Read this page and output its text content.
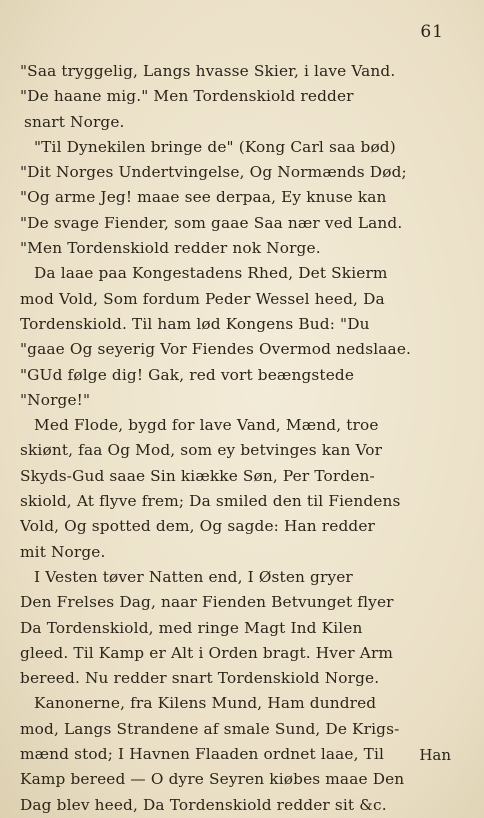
61
"Saa tryggelig, Langs hvasse Skier, i lave Vand.
"De haane mig." Men Tordenskiold redder
snart Norge.
"Til Dynekilen bringe de" (Kong Carl saa bød)
"Dit Norges Undertvingelse, Og Normænds Død;
"Og arme Jeg! maae see derpaa, Ey knuse kan
"De svage Fiender, som gaae Saa nær ved Land.
"Men Tordenskiold redder nok Norge.
Da laae paa Kongestadens Rhed, Det Skierm
mod Vold, Som fordum Peder Wessel heed, Da
Tordenskiold. Til ham lød Kongens Bud: "Du
"gaae Og seyerig Vor Fiendes Overmod nedslaae.
"GUd følge dig! Gak, red vort beængstede
"Norge!"
Med Flode, bygd for lave Vand, Mænd, troe
skiønt, faa Og Mod, som ey betvinges kan Vor
Skyds-Gud saae Sin kiække Søn, Per Torden-
skiold, At flyve frem; Da smiled den til Fiendens
Vold, Og spotted dem, Og sagde: Han redder
mit Norge.
I Vesten tøver Natten end, I Østen gryer
Den Frelses Dag, naar Fienden Betvunget flyer
Da Tordenskiold, med ringe Magt Ind Kilen
gleed. Til Kamp er Alt i Orden bragt. Hver Arm
bereed. Nu redder snart Tordenskiold Norge.
Kanonerne, fra Kilens Mund, Ham dundred
mod, Langs Strandene af smale Sund, De Krigs-
mænd stod; I Havnen Flaaden ordnet laae, Til
Kamp bereed — O dyre Seyren kiøbes maae Den
Dag blev heed, Da Tordenskiold redder sit &c.
Han
